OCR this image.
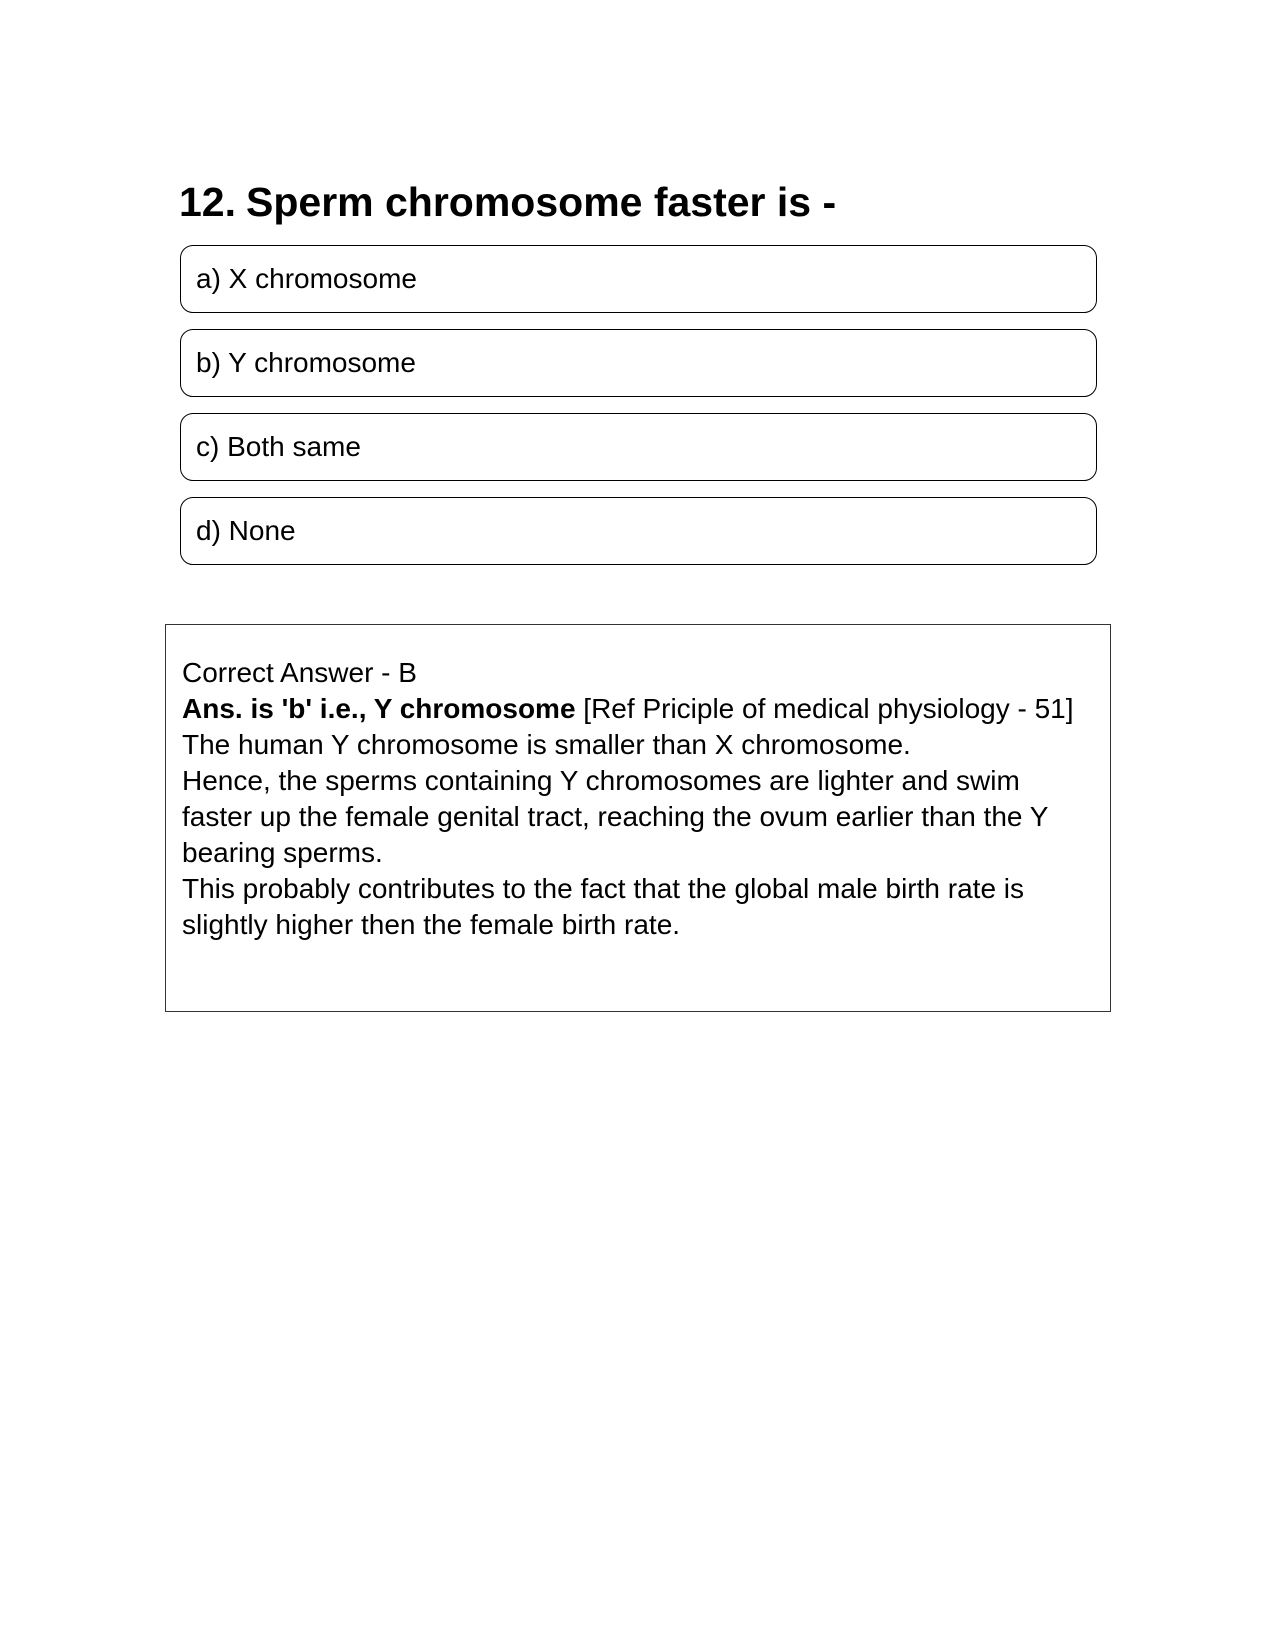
12. Sperm chromosome faster is -
a) X chromosome
b) Y chromosome
c) Both same
d) None

Correct Answer - B

Ans. is 'b' i.e., Y chromosome [Ref Priciple of medical physiology - 51]

The human Y chromosome is smaller than X chromosome.

Hence, the sperms containing Y chromosomes are lighter and swim faster up the female genital tract, reaching the ovum earlier than the Y bearing sperms.

This probably contributes to the fact that the global male birth rate is slightly higher then the female birth rate.
